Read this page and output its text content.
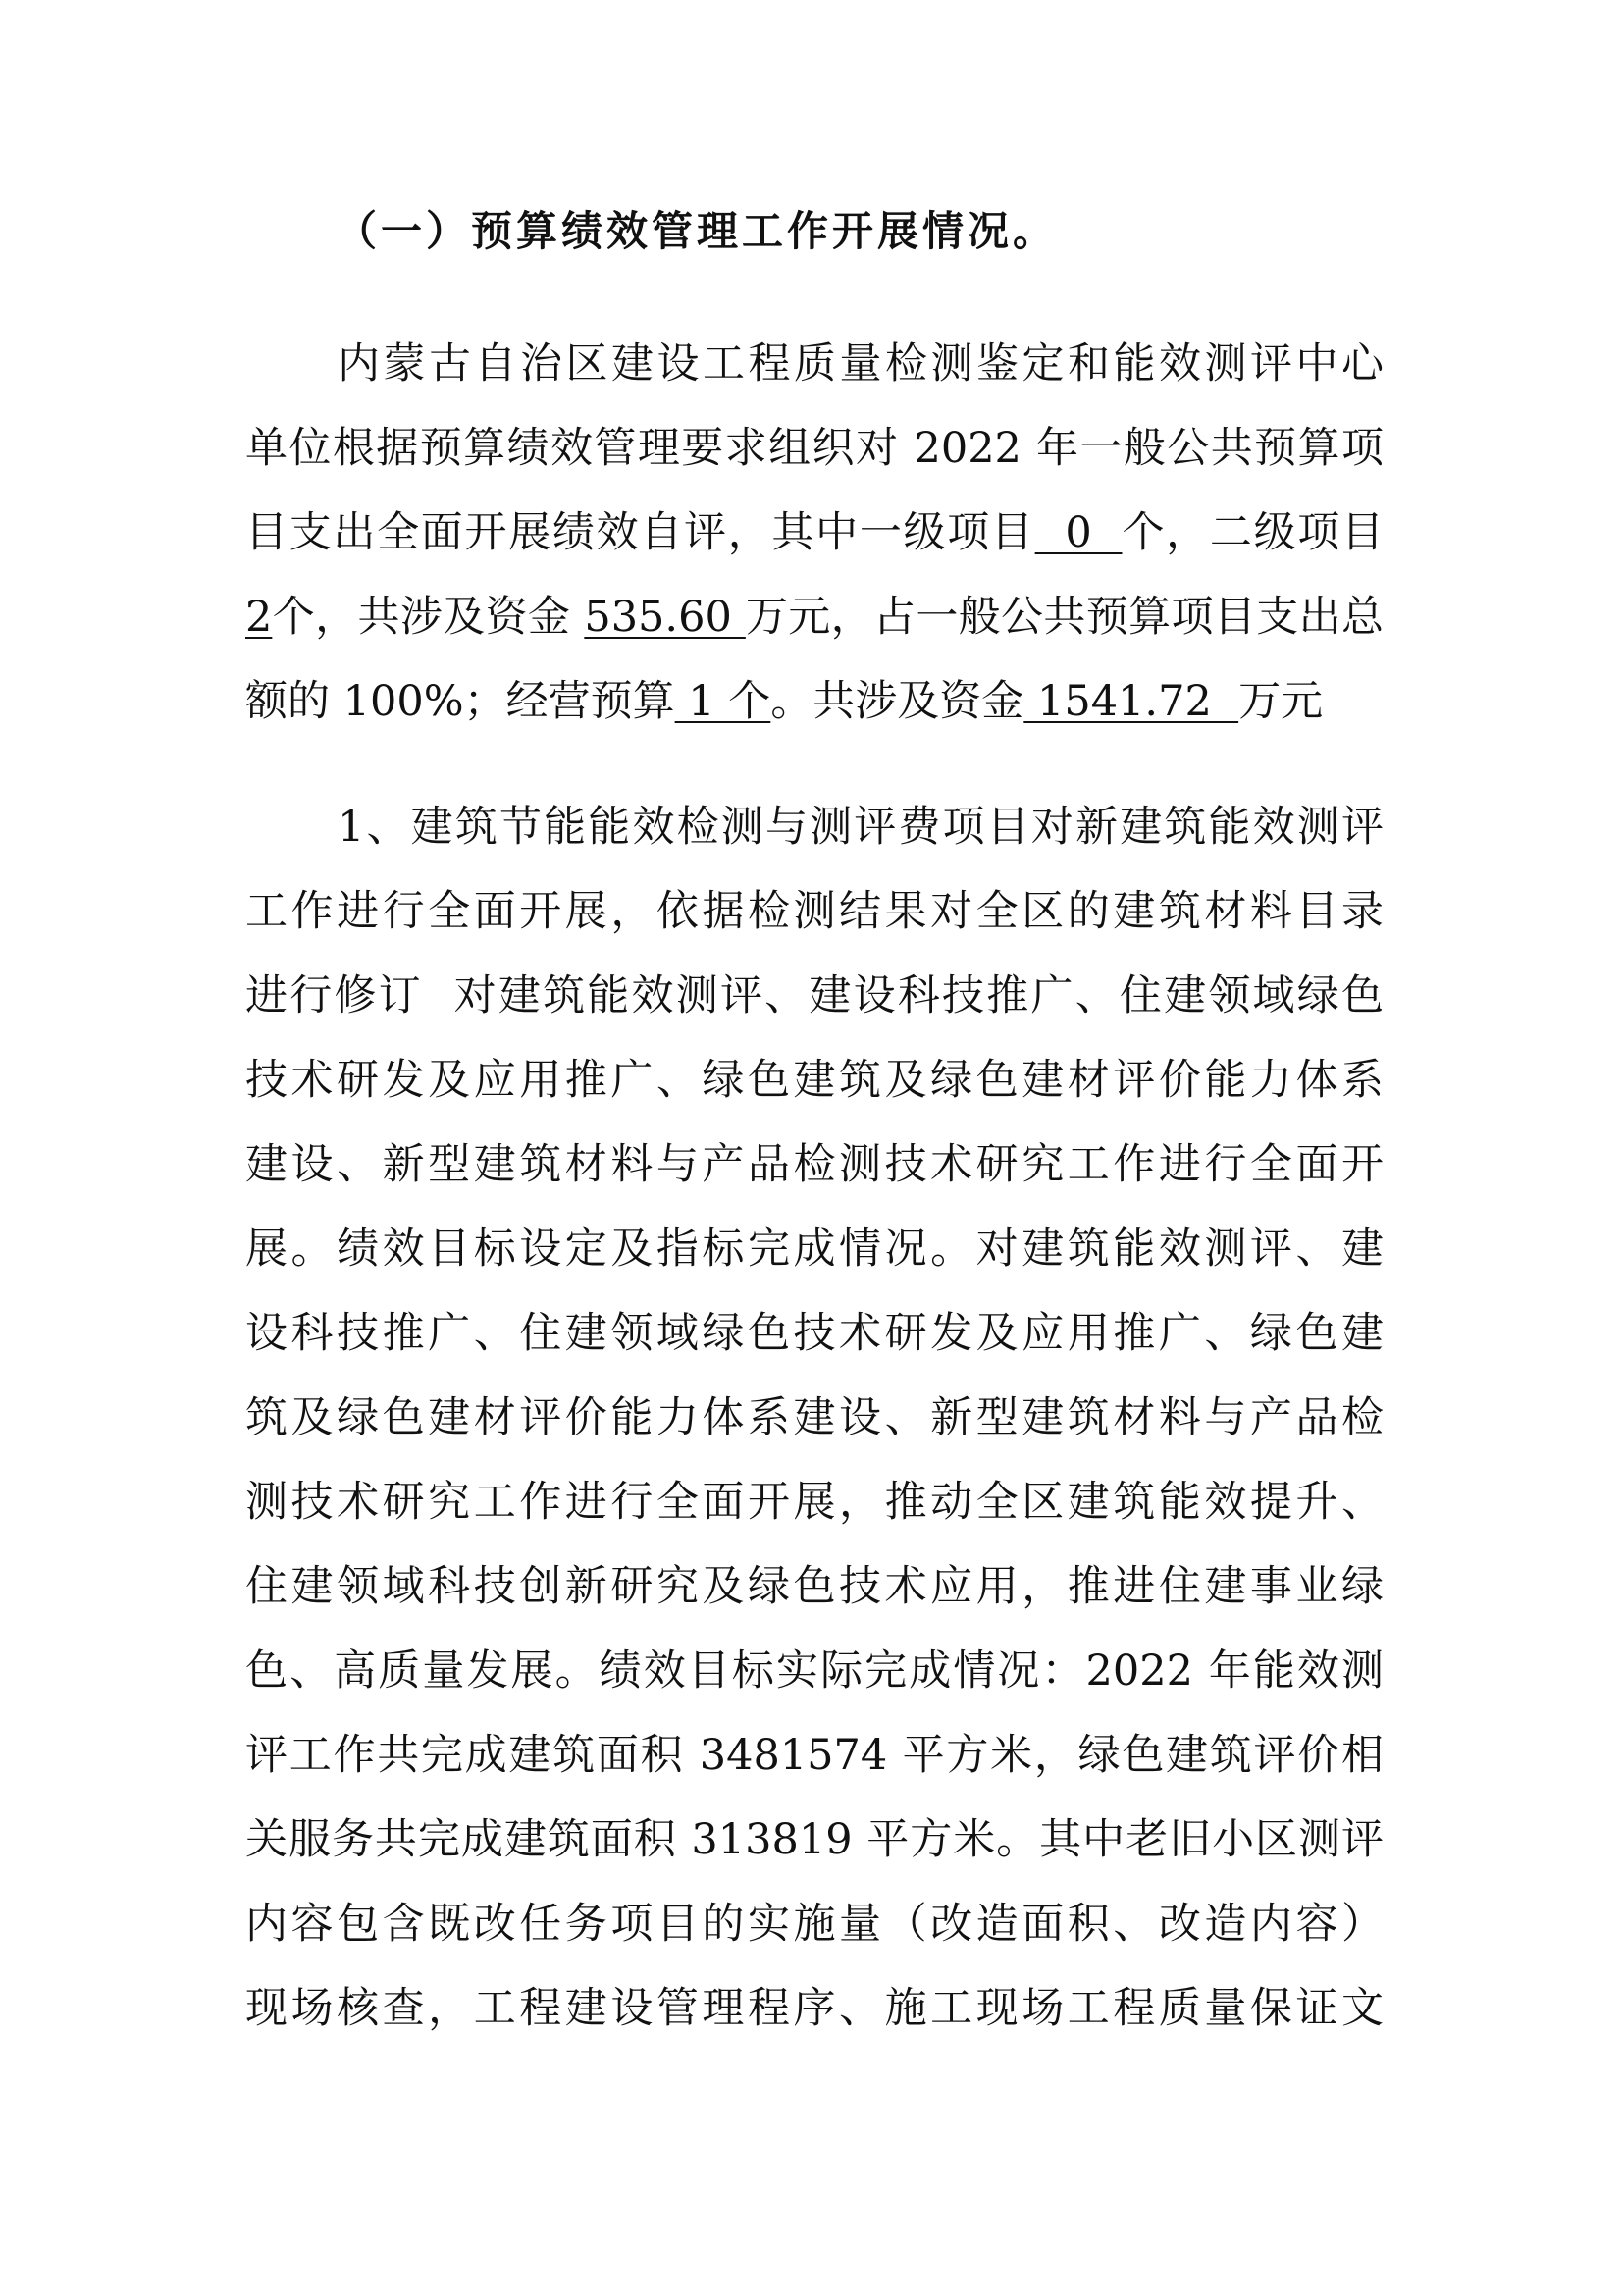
（一）预算绩效管理工作开展情况。
内蒙古自治区建设工程质量检测鉴定和能效测评中心
单位根据预算绩效管理要求组织对 2022 年一般公共预算项
目支出全面开展绩效自评，其中一级项目  0  个，二级项目
2个，共涉及资金 535.60 万元，占一般公共预算项目支出总
额的 100%；经营预算 1 个。共涉及资金 1541.72  万元
1、建筑节能能效检测与测评费项目对新建筑能效测评
工作进行全面开展，依据检测结果对全区的建筑材料目录
进行修订  对建筑能效测评、建设科技推广、住建领域绿色
技术研发及应用推广、绿色建筑及绿色建材评价能力体系
建设、新型建筑材料与产品检测技术研究工作进行全面开
展。绩效目标设定及指标完成情况。对建筑能效测评、建
设科技推广、住建领域绿色技术研发及应用推广、绿色建
筑及绿色建材评价能力体系建设、新型建筑材料与产品检
测技术研究工作进行全面开展，推动全区建筑能效提升、
住建领域科技创新研究及绿色技术应用，推进住建事业绿
色、高质量发展。绩效目标实际完成情况：2022 年能效测
评工作共完成建筑面积 3481574 平方米，绿色建筑评价相
关服务共完成建筑面积 313819 平方米。其中老旧小区测评
内容包含既改任务项目的实施量（改造面积、改造内容）
现场核查，工程建设管理程序、施工现场工程质量保证文
